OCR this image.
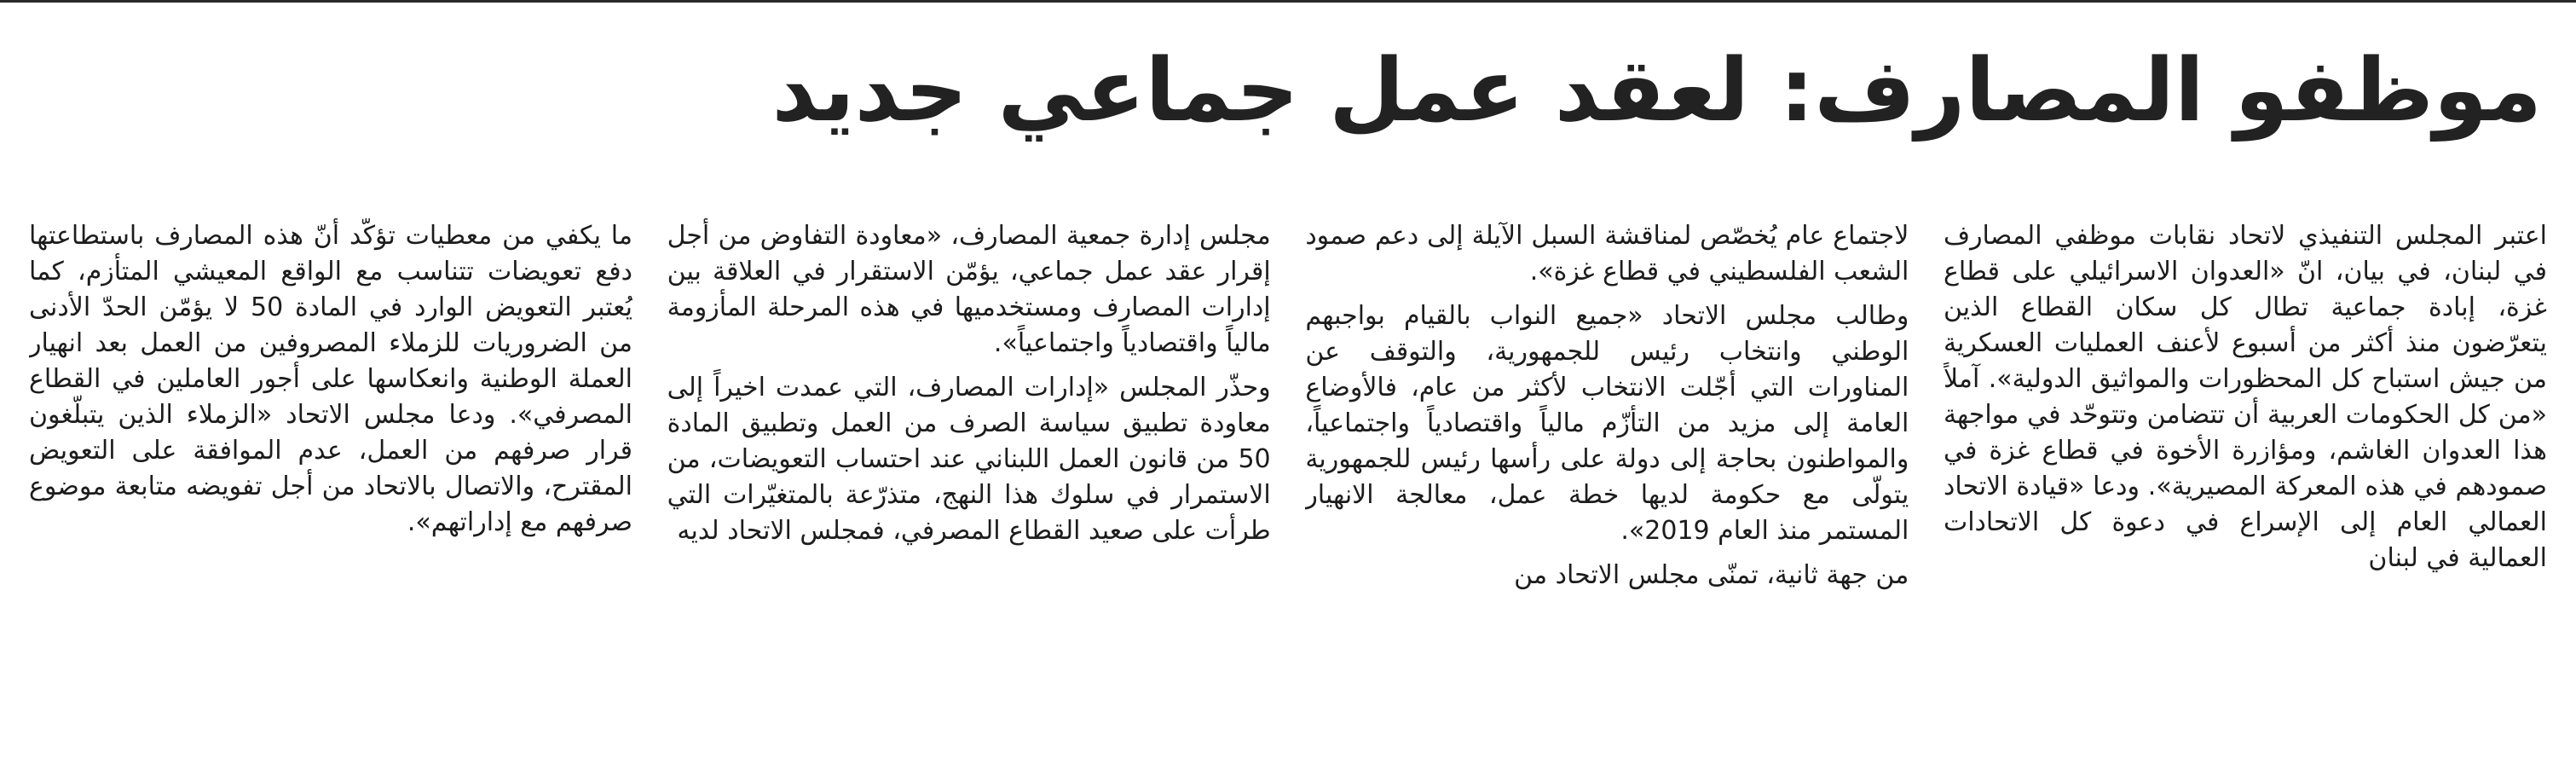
موظفو المصارف: لعقد عمل جماعي جديد

اعتبر المجلس التنفيذي لاتحاد نقابات موظفي المصارف في لبنان، في بيان، انّ «العدوان الاسرائيلي على قطاع غزة، إبادة جماعية تطال كل سكان القطاع الذين يتعرّضون منذ أكثر من أسبوع لأعنف العمليات العسكرية من جيش استباح كل المحظورات والمواثيق الدولية». آملاً «من كل الحكومات العربية أن تتضامن وتتوحّد في مواجهة هذا العدوان الغاشم، ومؤازرة الأخوة في قطاع غزة في صمودهم في هذه المعركة المصيرية». ودعا «قيادة الاتحاد العمالي العام إلى الإسراع في دعوة كل الاتحادات العمالية في لبنان

لاجتماع عام يُخصّص لمناقشة السبل الآيلة إلى دعم صمود الشعب الفلسطيني في قطاع غزة».

وطالب مجلس الاتحاد «جميع النواب بالقيام بواجبهم الوطني وانتخاب رئيس للجمهورية، والتوقف عن المناورات التي أجّلت الانتخاب لأكثر من عام، فالأوضاع العامة إلى مزيد من التأزّم مالياً واقتصادياً واجتماعياً، والمواطنون بحاجة إلى دولة على رأسها رئيس للجمهورية يتولّى مع حكومة لديها خطة عمل، معالجة الانهيار المستمر منذ العام 2019».

من جهة ثانية، تمنّى مجلس الاتحاد من

مجلس إدارة جمعية المصارف، «معاودة التفاوض من أجل إقرار عقد عمل جماعي، يؤمّن الاستقرار في العلاقة بين إدارات المصارف ومستخدميها في هذه المرحلة المأزومة مالياً واقتصادياً واجتماعياً».

وحذّر المجلس «إدارات المصارف، التي عمدت اخيراً إلى معاودة تطبيق سياسة الصرف من العمل وتطبيق المادة 50 من قانون العمل اللبناني عند احتساب التعويضات، من الاستمرار في سلوك هذا النهج، متذرّعة بالمتغيّرات التي طرأت على صعيد القطاع المصرفي، فمجلس الاتحاد لديه

ما يكفي من معطيات تؤكّد أنّ هذه المصارف باستطاعتها دفع تعويضات تتناسب مع الواقع المعيشي المتأزم، كما يُعتبر التعويض الوارد في المادة 50 لا يؤمّن الحدّ الأدنى من الضروريات للزملاء المصروفين من العمل بعد انهيار العملة الوطنية وانعكاسها على أجور العاملين في القطاع المصرفي». ودعا مجلس الاتحاد «الزملاء الذين يتبلّغون قرار صرفهم من العمل، عدم الموافقة على التعويض المقترح، والاتصال بالاتحاد من أجل تفويضه متابعة موضوع صرفهم مع إداراتهم».
